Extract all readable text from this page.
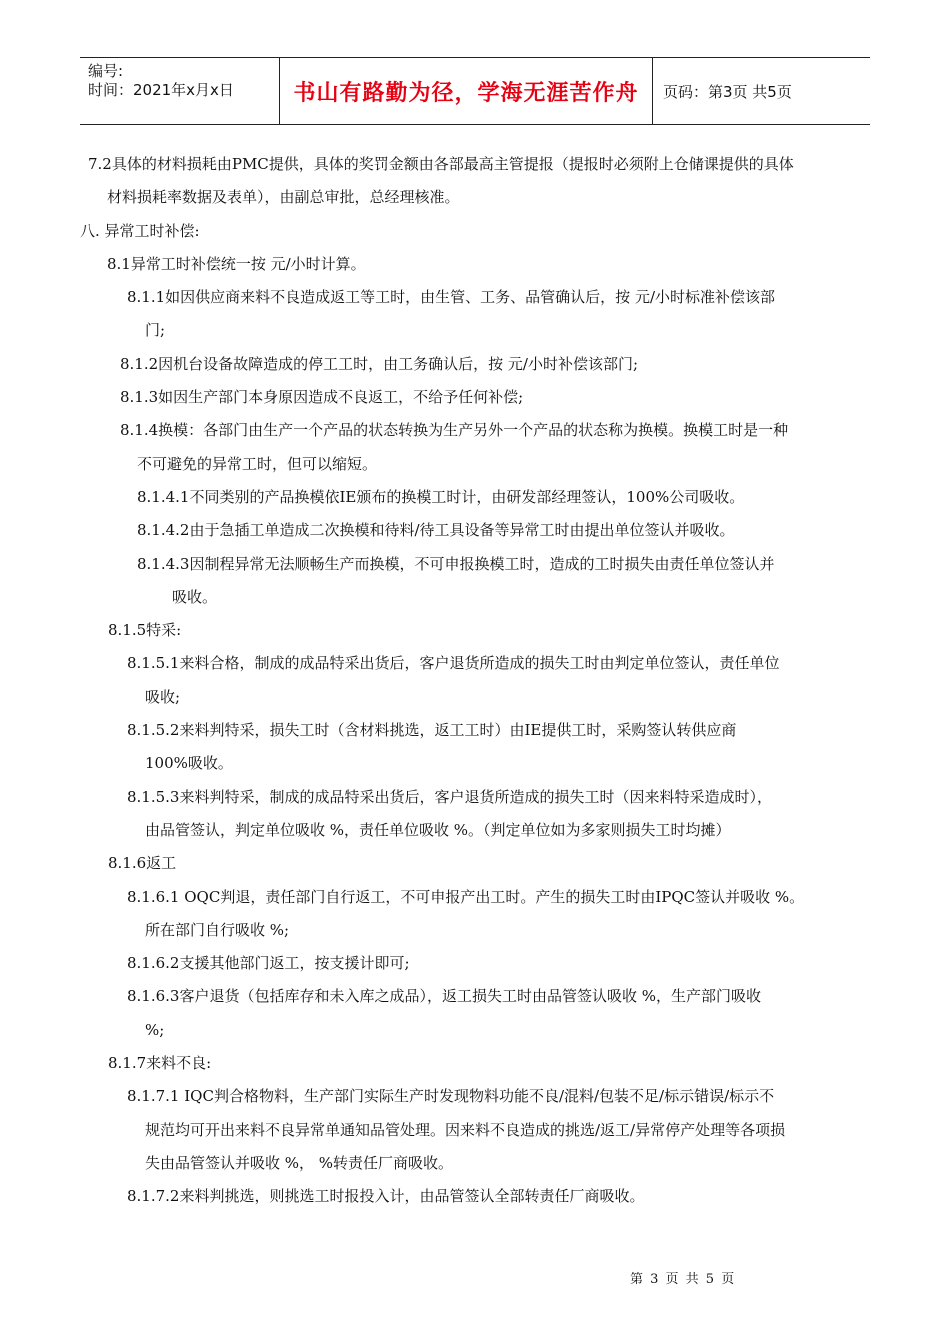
编号:
时间：2021年x月x日	书山有路勤为径，学海无涯苦作舟	页码：第3页 共5页
7.2具体的材料损耗由PMC提供，具体的奖罚金额由各部最高主管提报（提报时必须附上仓储课提供的具体
材料损耗率数据及表单），由副总审批，总经理核准。
八. 异常工时补偿:
8.1异常工时补偿统一按 元/小时计算。
8.1.1如因供应商来料不良造成返工等工时，由生管、工务、品管确认后，按 元/小时标准补偿该部
门;
8.1.2因机台设备故障造成的停工工时，由工务确认后，按 元/小时补偿该部门;
8.1.3如因生产部门本身原因造成不良返工，不给予任何补偿;
8.1.4换模：各部门由生产一个产品的状态转换为生产另外一个产品的状态称为换模。换模工时是一种
不可避免的异常工时，但可以缩短。
8.1.4.1不同类别的产品换模依IE颁布的换模工时计，由研发部经理签认，100%公司吸收。
8.1.4.2由于急插工单造成二次换模和待料/待工具设备等异常工时由提出单位签认并吸收。
8.1.4.3因制程异常无法顺畅生产而换模，不可申报换模工时，造成的工时损失由责任单位签认并
吸收。
8.1.5特采:
8.1.5.1来料合格，制成的成品特采出货后，客户退货所造成的损失工时由判定单位签认，责任单位
吸收;
8.1.5.2来料判特采，损失工时（含材料挑选，返工工时）由IE提供工时，采购签认转供应商
100%吸收。
8.1.5.3来料判特采，制成的成品特采出货后，客户退货所造成的损失工时（因来料特采造成时），
由品管签认，判定单位吸收 %，责任单位吸收 %。（判定单位如为多家则损失工时均摊）
8.1.6返工
8.1.6.1 OQC判退，责任部门自行返工，不可申报产出工时。产生的损失工时由IPQC签认并吸收 %。
所在部门自行吸收 %;
8.1.6.2支援其他部门返工，按支援计即可;
8.1.6.3客户退货（包括库存和未入库之成品），返工损失工时由品管签认吸收 %，生产部门吸收
%;
8.1.7来料不良:
8.1.7.1 IQC判合格物料，生产部门实际生产时发现物料功能不良/混料/包装不足/标示错误/标示不
规范均可开出来料不良异常单通知品管处理。因来料不良造成的挑选/返工/异常停产处理等各项损
失由品管签认并吸收 %， %转责任厂商吸收。
8.1.7.2来料判挑选，则挑选工时报投入计，由品管签认全部转责任厂商吸收。
第 3 页 共 5 页
